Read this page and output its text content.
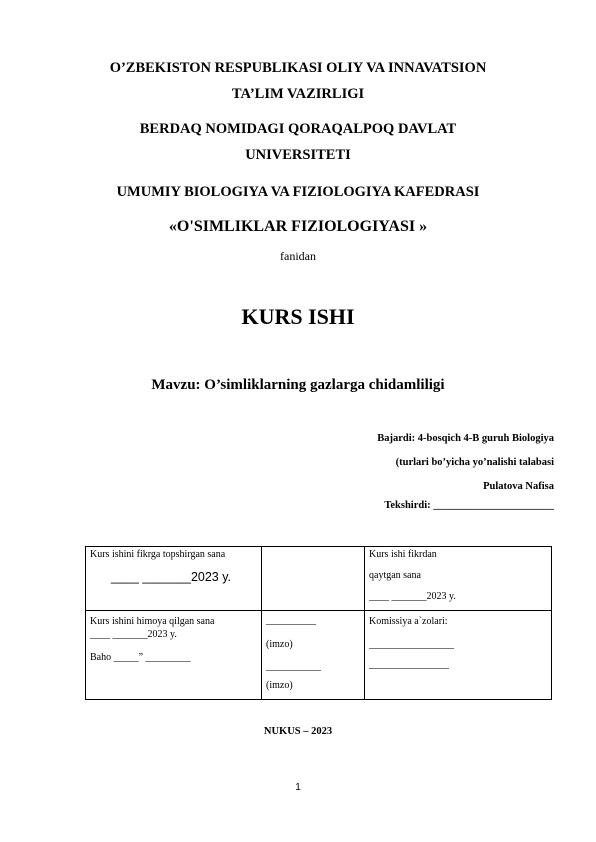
O’ZBEKISTON RESPUBLIKASI OLIY VA INNAVATSION
TA’LIM VAZIRLIGI
BERDAQ NOMIDAGI QORAQALPOQ DAVLAT
UNIVERSITETI
UMUMIY BIOLOGIYA VA FIZIOLOGIYA KAFEDRASI
«O'SIMLIKLAR FIZIOLOGIYASI »
fanidan
KURS ISHI
Mavzu: O’simliklarning gazlarga chidamliligi
Bajardi: 4-bosqich 4-B guruh Biologiya
(turlari bo’yicha yo’nalishi talabasi
Pulatova Nafisa
Tekshirdi: _______________________
Kurs ishini fikrga topshirgan sana
____ _______2023 y.
Kurs ishi fikrdan
qaytgan sana
____ _______2023 y.
Kurs ishini himoya qilgan sana
____ _______2023 y.
Baho _____” _________
__________
(imzo)
___________
(imzo)
Komissiya a`zolari:
_________________
________________
NUKUS – 2023
1
